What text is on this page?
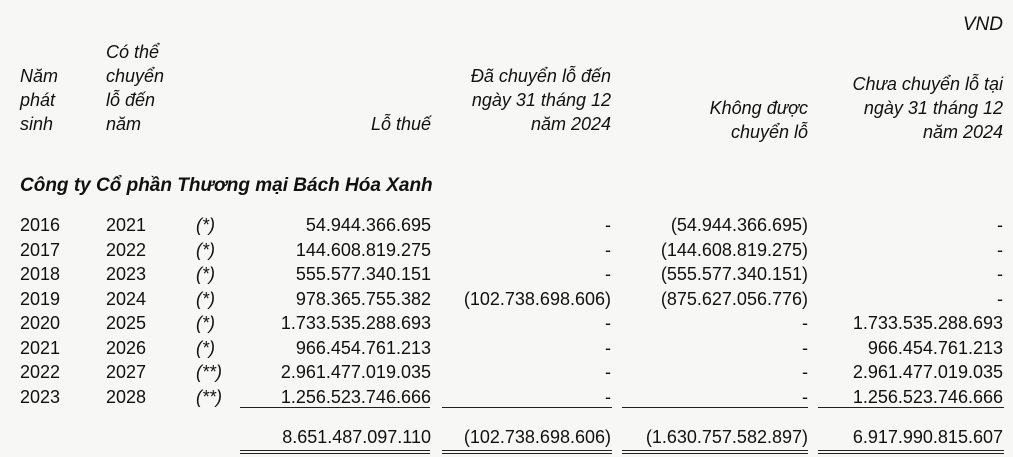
VND
Năm
phát
sinh
Có thể
chuyển
lỗ đến
năm	Lỗ thuế
Đã chuyển lỗ đến
ngày 31 tháng 12
năm 2024
Không được
chuyển lỗ
Chưa chuyển lỗ tại
ngày 31 tháng 12
năm 2024
Công ty Cổ phần Thương mại Bách Hóa Xanh
2016	2021	(*)	54.944.366.695	-	(54.944.366.695)	-
2017	2022	(*)	144.608.819.275	-	(144.608.819.275)	-
2018	2023	(*)	555.577.340.151	-	(555.577.340.151)	-
2019	2024	(*)	978.365.755.382 (102.738.698.606)	(875.627.056.776)	-
2020	2025	(*)	1.733.535.288.693	-	- 1.733.535.288.693
2021	2026	(*)	966.454.761.213	-	-	966.454.761.213
2022	2027	(**)	2.961.477.019.035	-	- 2.961.477.019.035
2023	2028	(**)	1.256.523.746.666	-	- 1.256.523.746.666
8.651.487.097.110 (102.738.698.606) (1.630.757.582.897) 6.917.990.815.607
